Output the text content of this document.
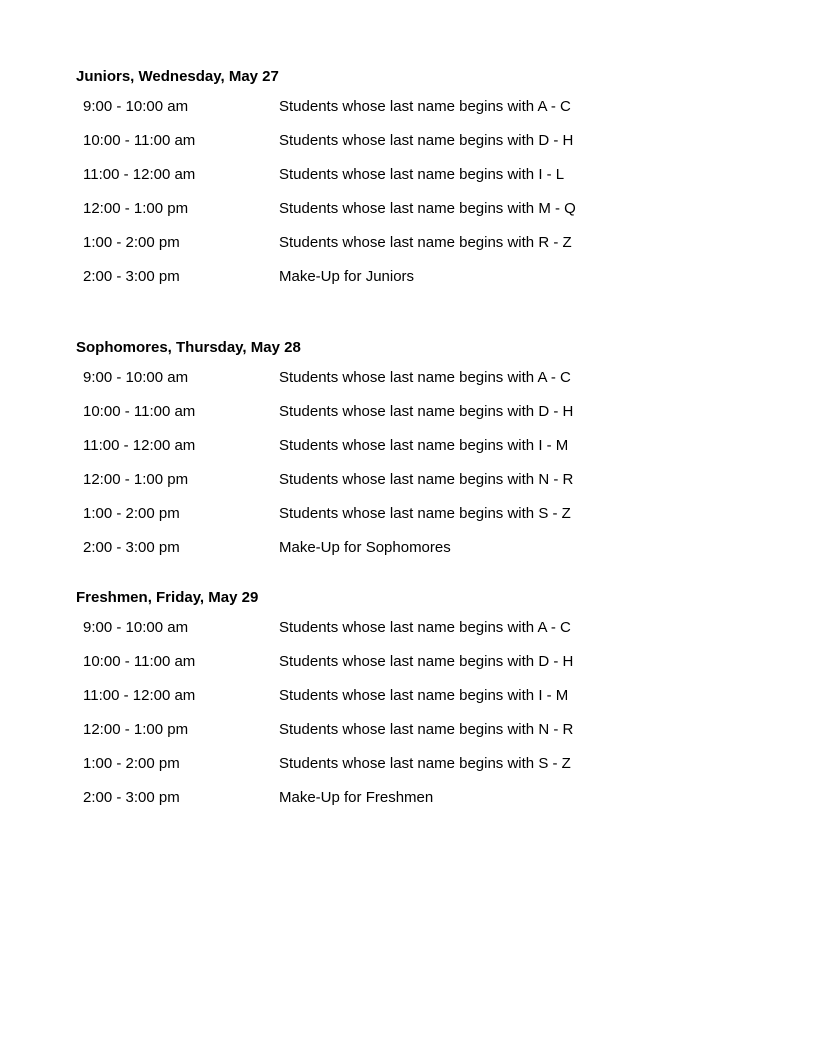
Juniors, Wednesday, May 27
9:00 - 10:00 am	Students whose last name begins with A - C
10:00 - 11:00 am	Students whose last name begins with D - H
11:00 - 12:00 am	Students whose last name begins with I - L
12:00 - 1:00 pm	Students whose last name begins with M - Q
1:00 - 2:00 pm	Students whose last name begins with R - Z
2:00 - 3:00 pm	Make-Up for Juniors
Sophomores, Thursday, May 28
9:00 - 10:00 am	Students whose last name begins with A - C
10:00 - 11:00 am	Students whose last name begins with D - H
11:00 - 12:00 am	Students whose last name begins with I - M
12:00 - 1:00 pm	Students whose last name begins with N - R
1:00 - 2:00 pm	Students whose last name begins with S - Z
2:00 - 3:00 pm	Make-Up for Sophomores
Freshmen, Friday, May 29
9:00 - 10:00 am	Students whose last name begins with A - C
10:00 - 11:00 am	Students whose last name begins with D - H
11:00 - 12:00 am	Students whose last name begins with I - M
12:00 - 1:00 pm	Students whose last name begins with N - R
1:00 - 2:00 pm	Students whose last name begins with S - Z
2:00 - 3:00 pm	Make-Up for Freshmen
